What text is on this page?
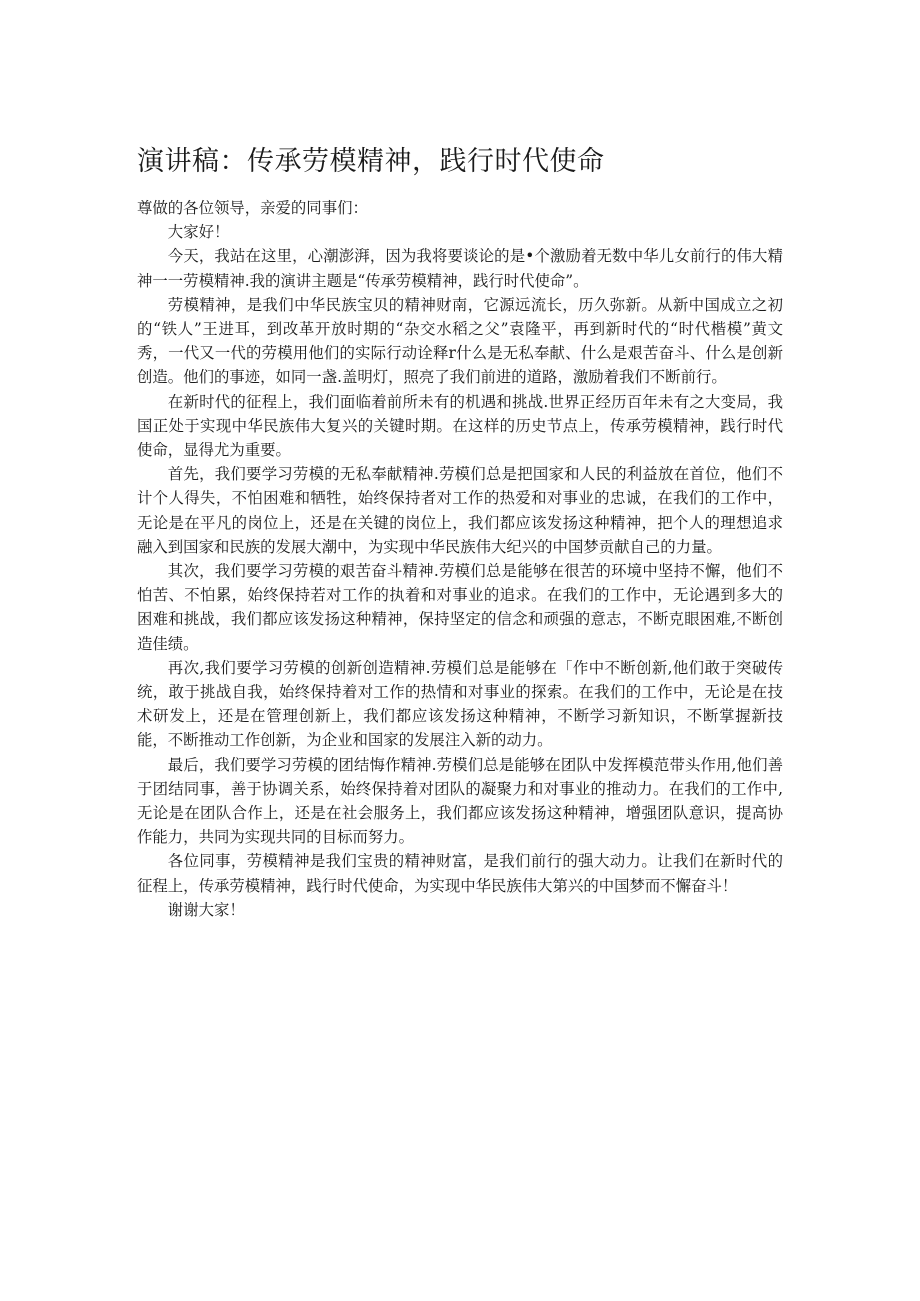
演讲稿：传承劳模精神，践行时代使命

尊做的各位领导，亲爱的同事们：

大家好！

今天，我站在这里，心潮澎湃，因为我将要谈论的是•个激励着无数中华儿女前行的伟大精神一一劳模精神.我的演讲主题是“传承劳模精神，践行时代使命”。

劳模精神，是我们中华民族宝贝的精神财南，它源远流长，历久弥新。从新中国成立之初的“铁人”王进耳，到改革开放时期的“杂交水稻之父”袁隆平，再到新时代的“时代楷模”黄文秀，一代又一代的劳模用他们的实际行动诠释r什么是无私奉献、什么是艰苦奋斗、什么是创新创造。他们的事迹，如同一盏.盖明灯，照亮了我们前进的道路，激励着我们不断前行。

在新时代的征程上，我们面临着前所未有的机遇和挑战.世界正经历百年未有之大变局，我国正处于实现中华民族伟大复兴的关键时期。在这样的历史节点上，传承劳模精神，践行时代使命，显得尤为重要。

首先，我们要学习劳模的无私奉献精神.劳模们总是把国家和人民的利益放在首位，他们不计个人得失，不怕困难和牺牲，始终保持者对工作的热爱和对事业的忠诚，在我们的工作中，无论是在平凡的岗位上，还是在关键的岗位上，我们都应该发扬这种精神，把个人的理想追求融入到国家和民族的发展大潮中，为实现中华民族伟大纪兴的中国梦贡献自己的力量。

其次，我们要学习劳模的艰苦奋斗精神.劳模们总是能够在很苦的环境中坚持不懈，他们不怕苦、不怕累，始终保持若对工作的执着和对事业的追求。在我们的工作中，无论遇到多大的困难和挑战，我们都应该发扬这种精神，保持坚定的信念和顽强的意志，不断克眼困难,不断创造佳绩。

再次,我们要学习劳模的创新创造精神.劳模们总是能够在「作中不断创新,他们敢于突破传统，敢于挑战自我，始终保持着对工作的热情和对事业的探索。在我们的工作中，无论是在技术研发上，还是在管理创新上，我们都应该发扬这种精神，不断学习新知识，不断掌握新技能，不断推动工作创新，为企业和国家的发展注入新的动力。

最后，我们要学习劳模的团结悔作精神.劳模们总是能够在团队中发挥模范带头作用,他们善于团结同事，善于协调关系，始终保持着对团队的凝聚力和对事业的推动力。在我们的工作中,无论是在团队合作上，还是在社会服务上，我们都应该发扬这种精神，增强团队意识，提高协作能力，共同为实现共同的目标而努力。

各位同事，劳模精神是我们宝贵的精神财富，是我们前行的强大动力。让我们在新时代的征程上，传承劳模精神，践行时代使命，为实现中华民族伟大第兴的中国梦而不懈奋斗！

谢谢大家！
